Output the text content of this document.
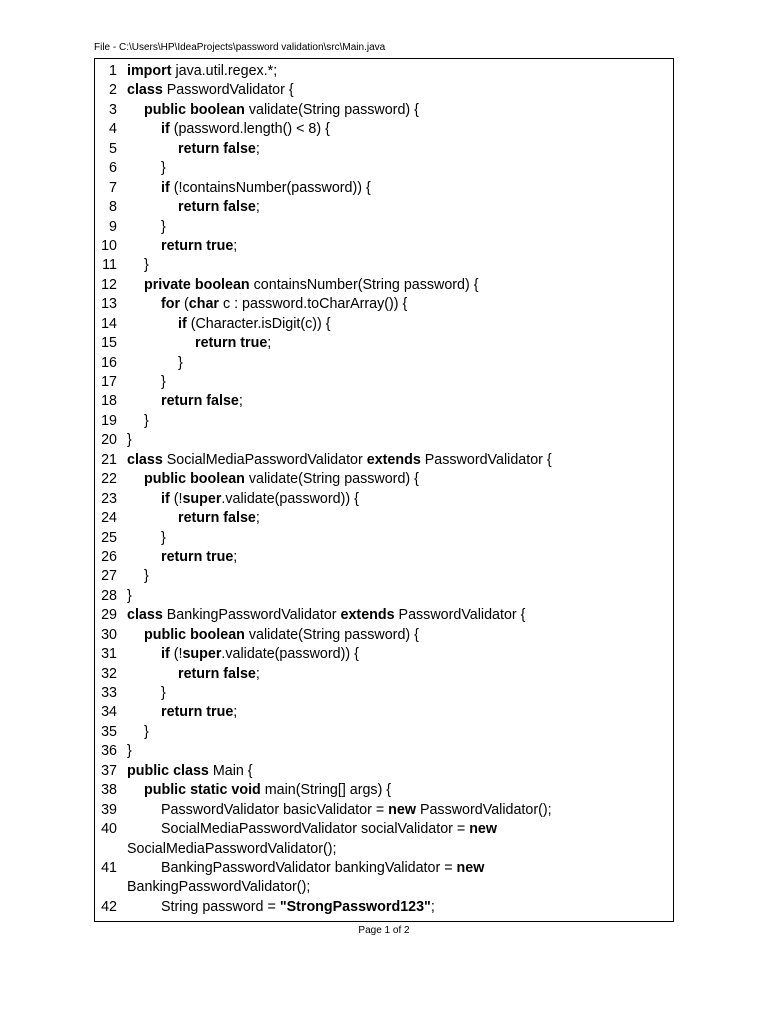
File - C:\Users\HP\IdeaProjects\password validation\src\Main.java
1 import java.util.regex.*;
2 class PasswordValidator {
3 public boolean validate(String password) {
4	if (password.length() < 8) {
5	return false;
6	}
7	if (!containsNumber(password)) {
8	return false;
9	}
10	return true;
11 }
12 private boolean containsNumber(String password) {
13	for (char c : password.toCharArray()) {
14	if (Character.isDigit(c)) {
15	return true;
16	}
17	}
18	return false;
19 }
20 }
21 class SocialMediaPasswordValidator extends PasswordValidator {
22 public boolean validate(String password) {
23	if (!super.validate(password)) {
24	return false;
25	}
26	return true;
27 }
28 }
29 class BankingPasswordValidator extends PasswordValidator {
30 public boolean validate(String password) {
31	if (!super.validate(password)) {
32	return false;
33	}
34	return true;
35 }
36 }
37 public class Main {
38 public static void main(String[] args) {
39	PasswordValidator basicValidator = new PasswordValidator();
40	SocialMediaPasswordValidator socialValidator = new
SocialMediaPasswordValidator();
41	BankingPasswordValidator bankingValidator = new
BankingPasswordValidator();
42	String password = "StrongPassword123";
Page 1 of 2
